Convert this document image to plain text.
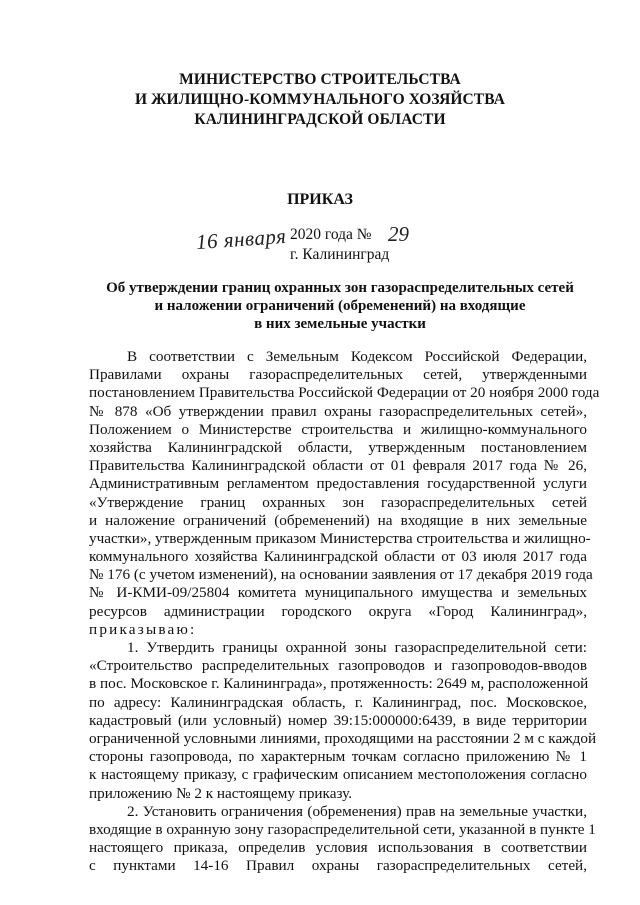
МИНИСТЕРСТВО СТРОИТЕЛЬСТВА
И ЖИЛИЩНО-КОММУНАЛЬНОГО ХОЗЯЙСТВА
КАЛИНИНГРАДСКОЙ ОБЛАСТИ
ПРИКАЗ
16 января 2020 года № 29
г. Калининград
Об утверждении границ охранных зон газораспределительных сетей
и наложении ограничений (обременений) на входящие
в них земельные участки
В соответствии с Земельным Кодексом Российской Федерации,
Правилами охраны газораспределительных сетей, утвержденными
постановлением Правительства Российской Федерации от 20 ноября 2000 года
№ 878 «Об утверждении правил охраны газораспределительных сетей»,
Положением о Министерстве строительства и жилищно-коммунального
хозяйства Калининградской области, утвержденным постановлением
Правительства Калининградской области от 01 февраля 2017 года № 26,
Административным регламентом предоставления государственной услуги
«Утверждение границ охранных зон газораспределительных сетей
и наложение ограничений (обременений) на входящие в них земельные
участки», утвержденным приказом Министерства строительства и жилищно-
коммунального хозяйства Калининградской области от 03 июля 2017 года
№ 176 (с учетом изменений), на основании заявления от 17 декабря 2019 года
№ И-КМИ-09/25804 комитета муниципального имущества и земельных
ресурсов администрации городского округа «Город Калининград»,
приказываю:
1. Утвердить границы охранной зоны газораспределительной сети:
«Строительство распределительных газопроводов и газопроводов-вводов
в пос. Московское г. Калининграда», протяженность: 2649 м, расположенной
по адресу: Калининградская область, г. Калининград, пос. Московское,
кадастровый (или условный) номер 39:15:000000:6439, в виде территории
ограниченной условными линиями, проходящими на расстоянии 2 м с каждой
стороны газопровода, по характерным точкам согласно приложению № 1
к настоящему приказу, с графическим описанием местоположения согласно
приложению № 2 к настоящему приказу.
2. Установить ограничения (обременения) прав на земельные участки,
входящие в охранную зону газораспределительной сети, указанной в пункте 1
настоящего приказа, определив условия использования в соответствии
с пунктами 14-16 Правил охраны газораспределительных сетей,
